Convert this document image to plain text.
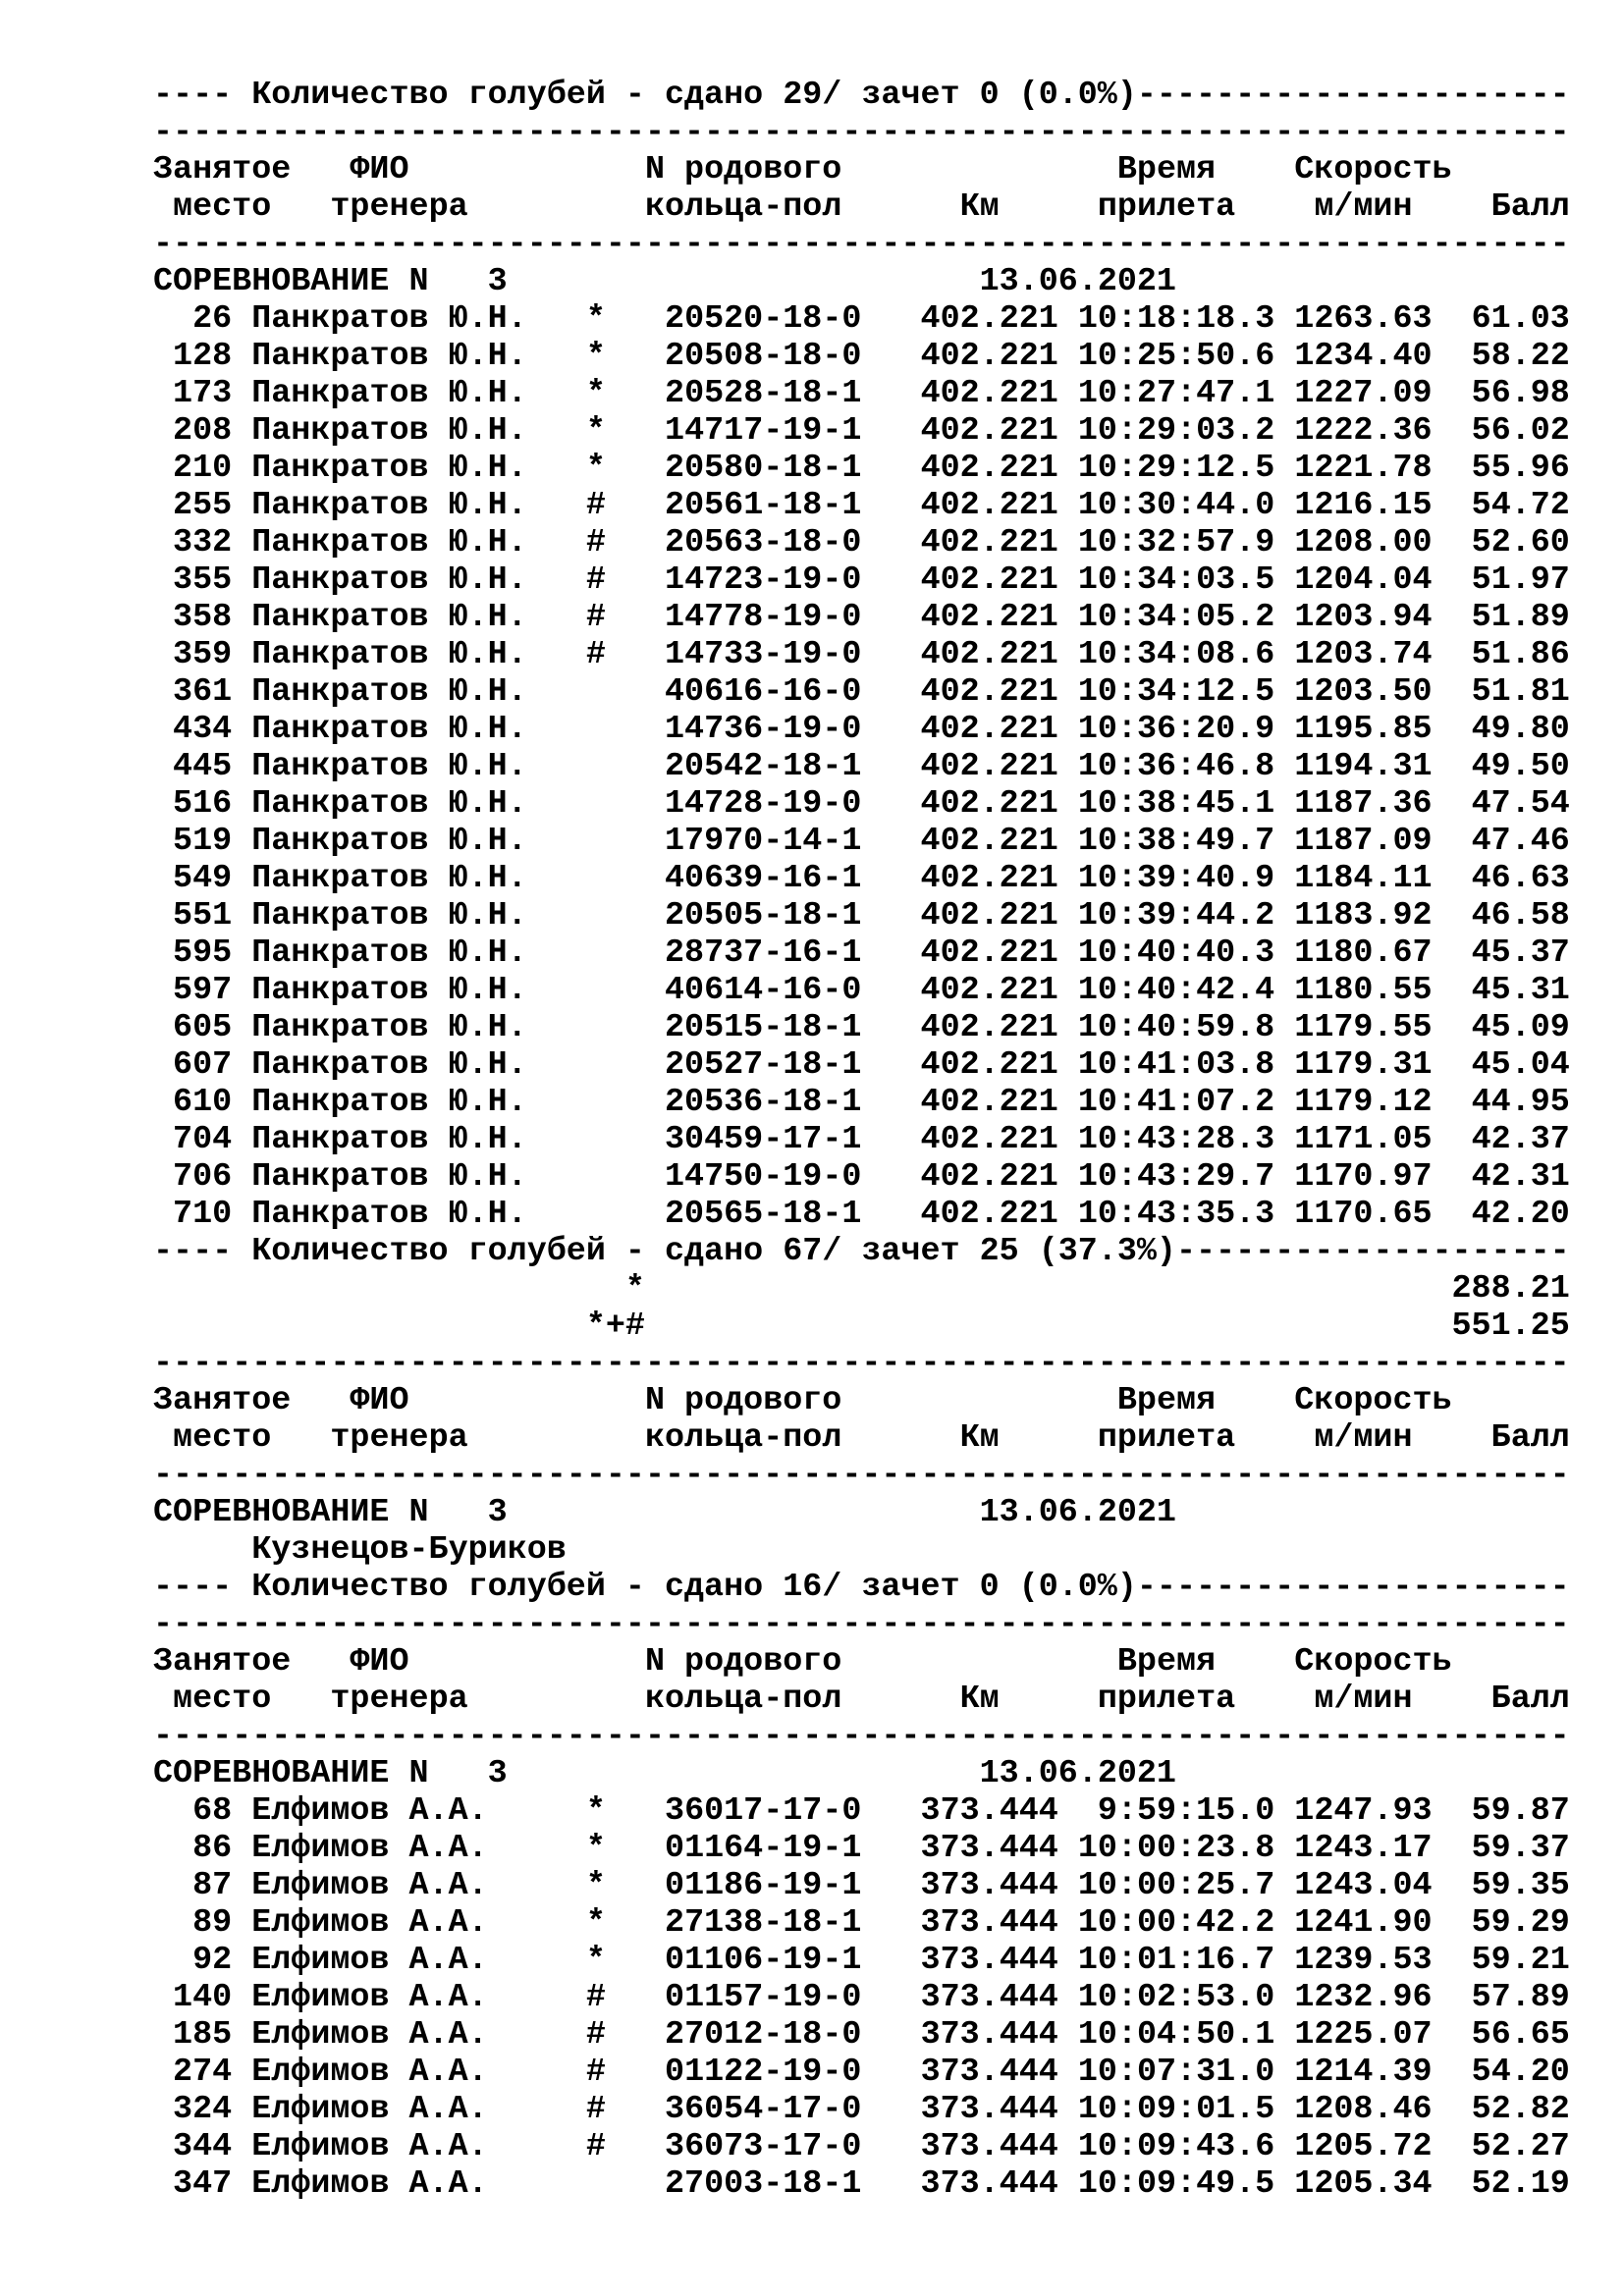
---- Количество голубей - сдано 29/ зачет 0 (0.0%)----------------------
------------------------------------------------------------------------
Занятое ФИО	N родового	Время Скорость
место тренера	кольца-пол	Км	прилета м/мин Балл
------------------------------------------------------------------------
СОРЕВНОВАНИЕ N   3	13.06.2021
26 Панкратов Ю.Н. * 20520-18-0 402.221 10:18:18.3 1263.63 61.03
128 Панкратов Ю.Н. * 20508-18-0 402.221 10:25:50.6 1234.40 58.22
173 Панкратов Ю.Н. * 20528-18-1 402.221 10:27:47.1 1227.09 56.98
208 Панкратов Ю.Н. * 14717-19-1 402.221 10:29:03.2 1222.36 56.02
210 Панкратов Ю.Н. * 20580-18-1 402.221 10:29:12.5 1221.78 55.96
255 Панкратов Ю.Н. # 20561-18-1 402.221 10:30:44.0 1216.15 54.72
332 Панкратов Ю.Н. # 20563-18-0 402.221 10:32:57.9 1208.00 52.60
355 Панкратов Ю.Н. # 14723-19-0 402.221 10:34:03.5 1204.04 51.97
358 Панкратов Ю.Н. # 14778-19-0 402.221 10:34:05.2 1203.94 51.89
359 Панкратов Ю.Н. # 14733-19-0 402.221 10:34:08.6 1203.74 51.86
361 Панкратов Ю.Н.	40616-16-0 402.221 10:34:12.5 1203.50 51.81
434 Панкратов Ю.Н.	14736-19-0 402.221 10:36:20.9 1195.85 49.80
445 Панкратов Ю.Н.	20542-18-1 402.221 10:36:46.8 1194.31 49.50
516 Панкратов Ю.Н.	14728-19-0 402.221 10:38:45.1 1187.36 47.54
519 Панкратов Ю.Н.	17970-14-1 402.221 10:38:49.7 1187.09 47.46
549 Панкратов Ю.Н.	40639-16-1 402.221 10:39:40.9 1184.11 46.63
551 Панкратов Ю.Н.	20505-18-1 402.221 10:39:44.2 1183.92 46.58
595 Панкратов Ю.Н.	28737-16-1 402.221 10:40:40.3 1180.67 45.37
597 Панкратов Ю.Н.	40614-16-0 402.221 10:40:42.4 1180.55 45.31
605 Панкратов Ю.Н.	20515-18-1 402.221 10:40:59.8 1179.55 45.09
607 Панкратов Ю.Н.	20527-18-1 402.221 10:41:03.8 1179.31 45.04
610 Панкратов Ю.Н.	20536-18-1 402.221 10:41:07.2 1179.12 44.95
704 Панкратов Ю.Н.	30459-17-1 402.221 10:43:28.3 1171.05 42.37
706 Панкратов Ю.Н.	14750-19-0 402.221 10:43:29.7 1170.97 42.31
710 Панкратов Ю.Н.	20565-18-1 402.221 10:43:35.3 1170.65 42.20
---- Количество голубей - сдано 67/ зачет 25 (37.3%)--------------------
*	288.21
*+#	551.25
------------------------------------------------------------------------
Занятое ФИО	N родового	Время Скорость
место тренера	кольца-пол	Км	прилета м/мин Балл
------------------------------------------------------------------------
СОРЕВНОВАНИЕ N   3	13.06.2021
Кузнецов-Буриков
---- Количество голубей - сдано 16/ зачет 0 (0.0%)----------------------
------------------------------------------------------------------------
Занятое ФИО	N родового	Время Скорость
место тренера	кольца-пол	Км	прилета м/мин Балл
------------------------------------------------------------------------
СОРЕВНОВАНИЕ N   3	13.06.2021
68 Елфимов А.А.	* 36017-17-0 373.444 9:59:15.0 1247.93 59.87
86 Елфимов А.А.	* 01164-19-1 373.444 10:00:23.8 1243.17 59.37
87 Елфимов А.А.	* 01186-19-1 373.444 10:00:25.7 1243.04 59.35
89 Елфимов А.А.	* 27138-18-1 373.444 10:00:42.2 1241.90 59.29
92 Елфимов А.А.	* 01106-19-1 373.444 10:01:16.7 1239.53 59.21
140 Елфимов А.А.	# 01157-19-0 373.444 10:02:53.0 1232.96 57.89
185 Елфимов А.А.	# 27012-18-0 373.444 10:04:50.1 1225.07 56.65
274 Елфимов А.А.	# 01122-19-0 373.444 10:07:31.0 1214.39 54.20
324 Елфимов А.А.	# 36054-17-0 373.444 10:09:01.5 1208.46 52.82
344 Елфимов А.А.	# 36073-17-0 373.444 10:09:43.6 1205.72 52.27
347 Елфимов А.А.	27003-18-1 373.444 10:09:49.5 1205.34 52.19
